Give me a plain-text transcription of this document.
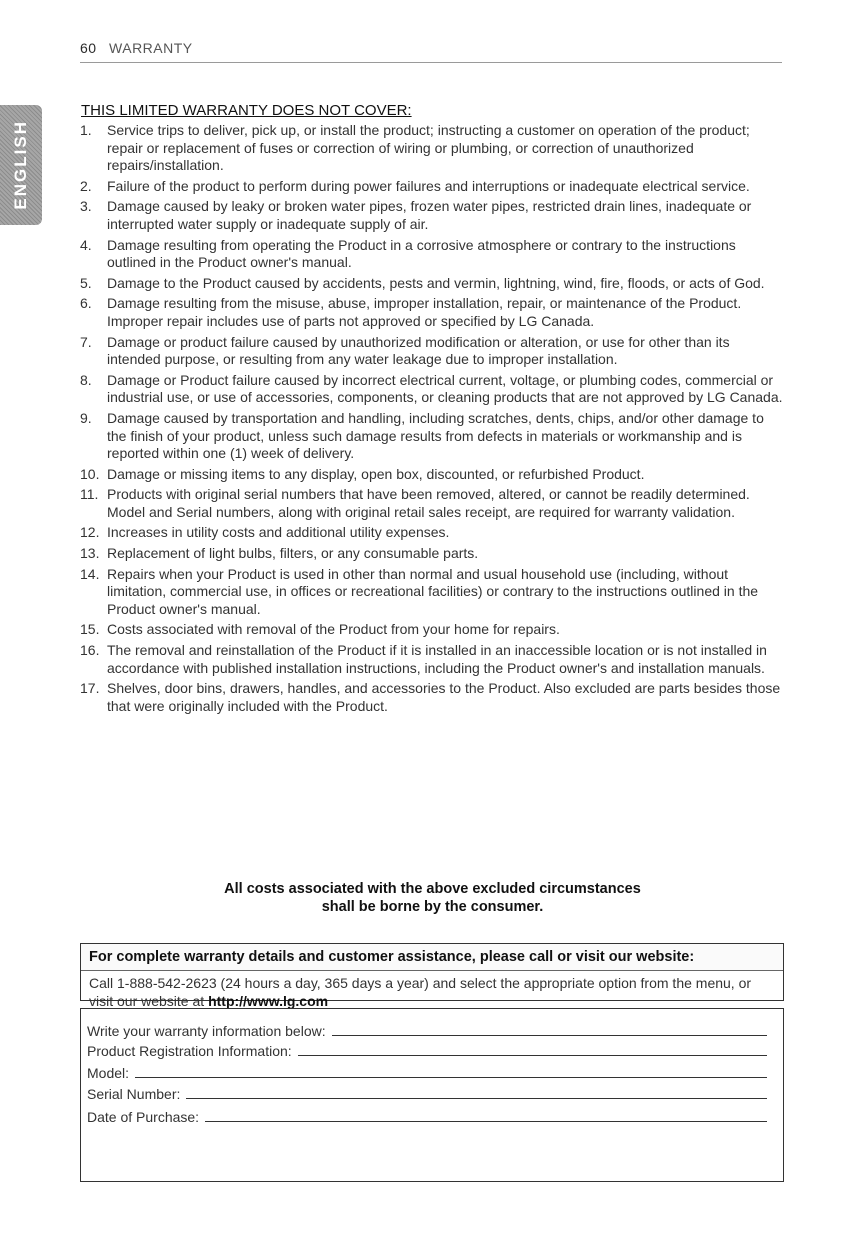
60 WARRANTY
ENGLISH
THIS LIMITED WARRANTY DOES NOT COVER:
1. Service trips to deliver, pick up, or install the product; instructing a customer on operation of the product; repair or replacement of fuses or correction of wiring or plumbing, or correction of unauthorized repairs/installation.
2. Failure of the product to perform during power failures and interruptions or inadequate electrical service.
3. Damage caused by leaky or broken water pipes, frozen water pipes, restricted drain lines, inadequate or interrupted water supply or inadequate supply of air.
4. Damage resulting from operating the Product in a corrosive atmosphere or contrary to the instructions outlined in the Product owner's manual.
5. Damage to the Product caused by accidents, pests and vermin, lightning, wind, fire, floods, or acts of God.
6. Damage resulting from the misuse, abuse, improper installation, repair, or maintenance of the Product. Improper repair includes use of parts not approved or specified by LG Canada.
7. Damage or product failure caused by unauthorized modification or alteration, or use for other than its intended purpose, or resulting from any water leakage due to improper installation.
8. Damage or Product failure caused by incorrect electrical current, voltage, or plumbing codes, commercial or industrial use, or use of accessories, components, or cleaning products that are not approved by LG Canada.
9. Damage caused by transportation and handling, including scratches, dents, chips, and/or other damage to the finish of your product, unless such damage results from defects in materials or workmanship and is reported within one (1) week of delivery.
10. Damage or missing items to any display, open box, discounted, or refurbished Product.
11. Products with original serial numbers that have been removed, altered, or cannot be readily determined. Model and Serial numbers, along with original retail sales receipt, are required for warranty validation.
12. Increases in utility costs and additional utility expenses.
13. Replacement of light bulbs, filters, or any consumable parts.
14. Repairs when your Product is used in other than normal and usual household use (including, without limitation, commercial use, in offices or recreational facilities) or contrary to the instructions outlined in the Product owner's manual.
15. Costs associated with removal of the Product from your home for repairs.
16. The removal and reinstallation of the Product if it is installed in an inaccessible location or is not installed in accordance with published installation instructions, including the Product owner's and installation manuals.
17. Shelves, door bins, drawers, handles, and accessories to the Product. Also excluded are parts besides those that were originally included with the Product.
All costs associated with the above excluded circumstances
shall be borne by the consumer.
For complete warranty details and customer assistance, please call or visit our website:
Call 1-888-542-2623 (24 hours a day, 365 days a year) and select the appropriate option from the menu, or visit our website at http://www.lg.com
Write your warranty information below:
Product Registration Information:
Model:
Serial Number:
Date of Purchase:
